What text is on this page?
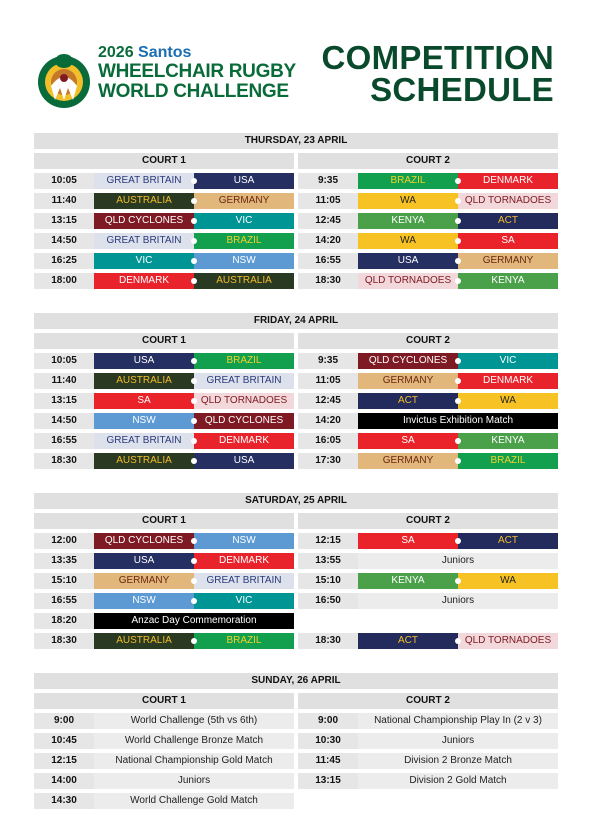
2026 Santos
WHEELCHAIR RUGBY
WORLD CHALLENGE
COMPETITION
SCHEDULE
THURSDAY, 23 APRIL
COURT 1
10:05	GREAT BRITAIN	USA
11:40	AUSTRALIA	GERMANY
13:15	QLD CYCLONES	VIC
14:50	GREAT BRITAIN	BRAZIL
16:25	VIC	NSW
18:00	DENMARK	AUSTRALIA
COURT 2
9:35	BRAZIL	DENMARK
11:05	WA	QLD TORNADOES
12:45	KENYA	ACT
14:20	WA	SA
16:55	USA	GERMANY
18:30	QLD TORNADOES	KENYA
FRIDAY, 24 APRIL
COURT 1
10:05	USA	BRAZIL
11:40	AUSTRALIA	GREAT BRITAIN
13:15	SA	QLD TORNADOES
14:50	NSW	QLD CYCLONES
16:55	GREAT BRITAIN	DENMARK
18:30	AUSTRALIA	USA
COURT 2
9:35	QLD CYCLONES	VIC
11:05	GERMANY	DENMARK
12:45	ACT	WA
14:20	Invictus Exhibition Match
16:05	SA	KENYA
17:30	GERMANY	BRAZIL
SATURDAY, 25 APRIL
COURT 1
12:00	QLD CYCLONES	NSW
13:35	USA	DENMARK
15:10	GERMANY	GREAT BRITAIN
16:55	NSW	VIC
18:20	Anzac Day Commemoration
18:30	AUSTRALIA	BRAZIL
COURT 2
12:15	SA	ACT
13:55	Juniors
15:10	KENYA	WA
16:50	Juniors
18:30	ACT	QLD TORNADOES
SUNDAY, 26 APRIL
COURT 1
9:00	World Challenge (5th vs 6th)
10:45	World Challenge Bronze Match
12:15	National Championship Gold Match
14:00	Juniors
14:30	World Challenge Gold Match
COURT 2
9:00	National Championship Play In (2 v 3)
10:30	Juniors
11:45	Division 2 Bronze Match
13:15	Division 2 Gold Match
